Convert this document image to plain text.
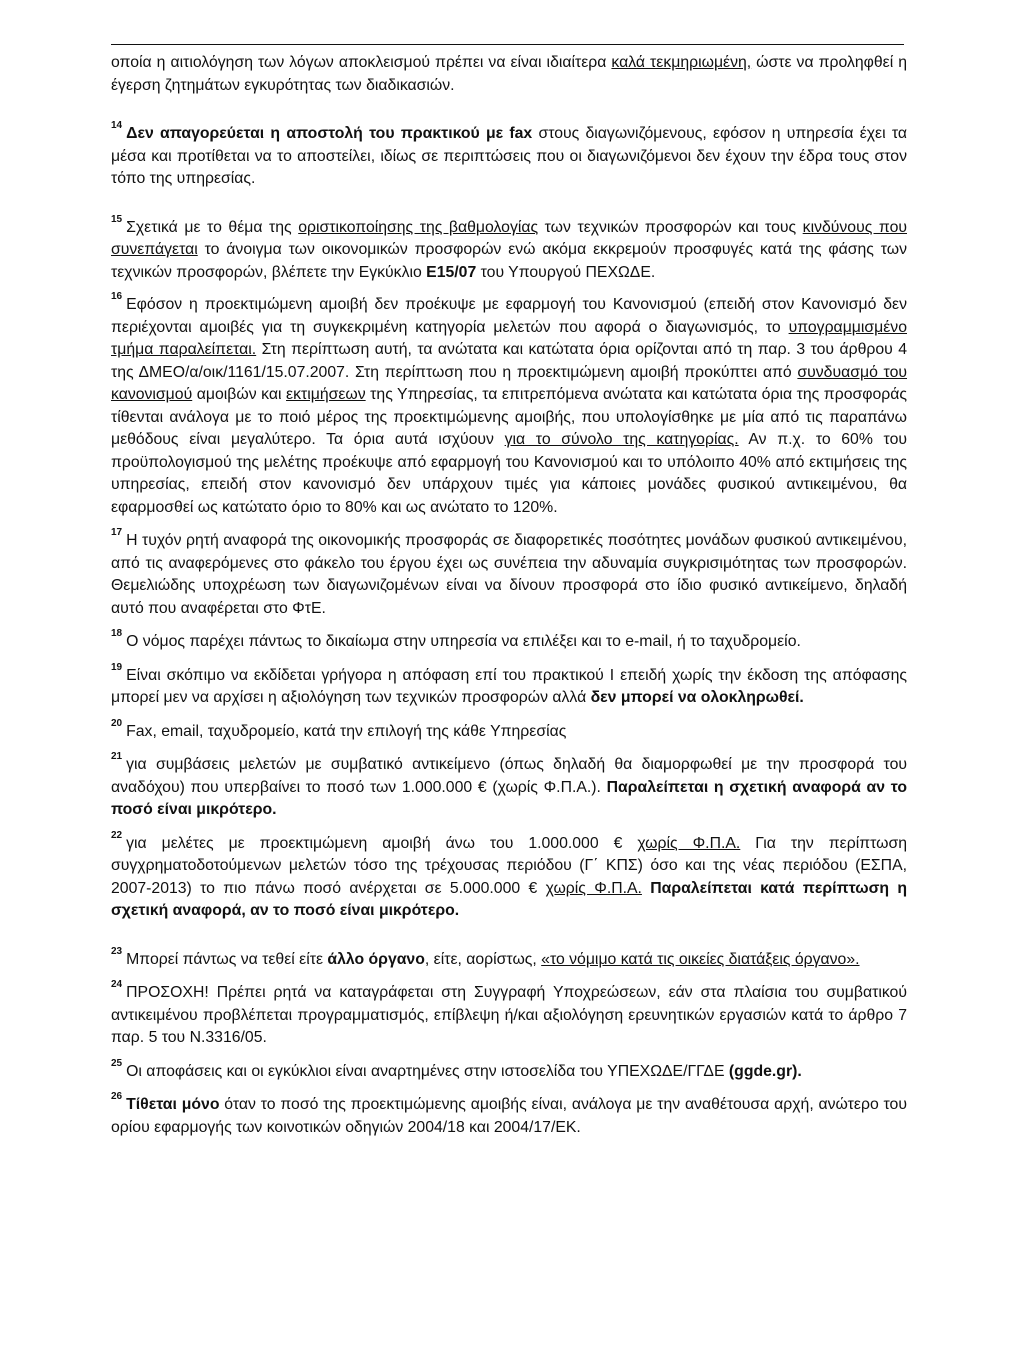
οποία η αιτιολόγηση των λόγων αποκλεισμού πρέπει να είναι ιδιαίτερα καλά τεκμηριωμένη, ώστε να προληφθεί η έγερση ζητημάτων εγκυρότητας των διαδικασιών.

$^{14}$ Δεν απαγορεύεται η αποστολή του πρακτικού με fax στους διαγωνιζόμενους, εφόσον η υπηρεσία έχει τα μέσα και προτίθεται να το αποστείλει, ιδίως σε περιπτώσεις που οι διαγωνιζόμενοι δεν έχουν την έδρα τους στον τόπο της υπηρεσίας.

$^{15}$ Σχετικά με το θέμα της οριστικοποίησης της βαθμολογίας των τεχνικών προσφορών και τους κινδύνους που συνεπάγεται το άνοιγμα των οικονομικών προσφορών ενώ ακόμα εκκρεμούν προσφυγές κατά της φάσης των τεχνικών προσφορών, βλέπετε την Εγκύκλιο Ε15/07 του Υπουργού ΠΕΧΩΔΕ.

$^{16}$ Εφόσον η προεκτιμώμενη αμοιβή δεν προέκυψε με εφαρμογή του Κανονισμού (επειδή στον Κανονισμό δεν περιέχονται αμοιβές για τη συγκεκριμένη κατηγορία μελετών που αφορά ο διαγωνισμός, το υπογραμμισμένο τμήμα παραλείπεται. Στη περίπτωση αυτή, τα ανώτατα και κατώτατα όρια ορίζονται από τη παρ. 3 του άρθρου 4 της ΔΜΕΟ/α/οικ/1161/15.07.2007. Στη περίπτωση που η προεκτιμώμενη αμοιβή προκύπτει από συνδυασμό του κανονισμού αμοιβών και εκτιμήσεων της Υπηρεσίας, τα επιτρεπόμενα ανώτατα και κατώτατα όρια της προσφοράς τίθενται ανάλογα με το ποιό μέρος της προεκτιμώμενης αμοιβής, που υπολογίσθηκε με μία από τις παραπάνω μεθόδους είναι μεγαλύτερο. Τα όρια αυτά ισχύουν για το σύνολο της κατηγορίας. Αν π.χ. το 60% του προϋπολογισμού της μελέτης προέκυψε από εφαρμογή του Κανονισμού και το υπόλοιπο 40% από εκτιμήσεις της υπηρεσίας, επειδή στον κανονισμό δεν υπάρχουν τιμές για κάποιες μονάδες φυσικού αντικειμένου, θα εφαρμοσθεί ως κατώτατο όριο το 80% και ως ανώτατο το 120%.

$^{17}$ Η τυχόν ρητή αναφορά της οικονομικής προσφοράς σε διαφορετικές ποσότητες μονάδων φυσικού αντικειμένου, από τις αναφερόμενες στο φάκελο του έργου έχει ως συνέπεια την αδυναμία συγκρισιμότητας των προσφορών. Θεμελιώδης υποχρέωση των διαγωνιζομένων είναι να δίνουν προσφορά στο ίδιο φυσικό αντικείμενο, δηλαδή αυτό που αναφέρεται στο ΦτΕ.

$^{18}$ Ο νόμος παρέχει πάντως το δικαίωμα στην υπηρεσία να επιλέξει και το e-mail, ή το ταχυδρομείο.

$^{19}$ Είναι σκόπιμο να εκδίδεται γρήγορα η απόφαση επί του πρακτικού Ι επειδή χωρίς την έκδοση της απόφασης μπορεί μεν να αρχίσει η αξιολόγηση των τεχνικών προσφορών αλλά δεν μπορεί να ολοκληρωθεί.

$^{20}$ Fax, email, ταχυδρομείο, κατά την επιλογή της κάθε Υπηρεσίας

$^{21}$ για συμβάσεις μελετών με συμβατικό αντικείμενο (όπως δηλαδή θα διαμορφωθεί με την προσφορά του αναδόχου) που υπερβαίνει το ποσό των 1.000.000 € (χωρίς Φ.Π.Α.). Παραλείπεται η σχετική αναφορά αν το ποσό είναι μικρότερο.

$^{22}$ για μελέτες με προεκτιμώμενη αμοιβή άνω του 1.000.000 € χωρίς Φ.Π.Α. Για την περίπτωση συγχρηματοδοτούμενων μελετών τόσο της τρέχουσας περιόδου (Γ΄ ΚΠΣ) όσο και της νέας περιόδου (ΕΣΠΑ, 2007-2013) το πιο πάνω ποσό ανέρχεται σε 5.000.000 € χωρίς Φ.Π.Α. Παραλείπεται κατά περίπτωση η σχετική αναφορά, αν το ποσό είναι μικρότερο.

$^{23}$ Μπορεί πάντως να τεθεί είτε άλλο όργανο, είτε, αορίστως, «το νόμιμο κατά τις οικείες διατάξεις όργανο».

$^{24}$ ΠΡΟΣΟΧΗ! Πρέπει ρητά να καταγράφεται στη Συγγραφή Υποχρεώσεων, εάν στα πλαίσια του συμβατικού αντικειμένου προβλέπεται προγραμματισμός, επίβλεψη ή/και αξιολόγηση ερευνητικών εργασιών κατά το άρθρο 7 παρ. 5 του Ν.3316/05.

$^{25}$ Οι αποφάσεις και οι εγκύκλιοι είναι αναρτημένες στην ιστοσελίδα του ΥΠΕΧΩΔΕ/ΓΓΔΕ (ggde.gr).

$^{26}$ Τίθεται μόνο όταν το ποσό της προεκτιμώμενης αμοιβής είναι, ανάλογα με την αναθέτουσα αρχή, ανώτερο του ορίου εφαρμογής των κοινοτικών οδηγιών 2004/18 και 2004/17/ΕΚ.
